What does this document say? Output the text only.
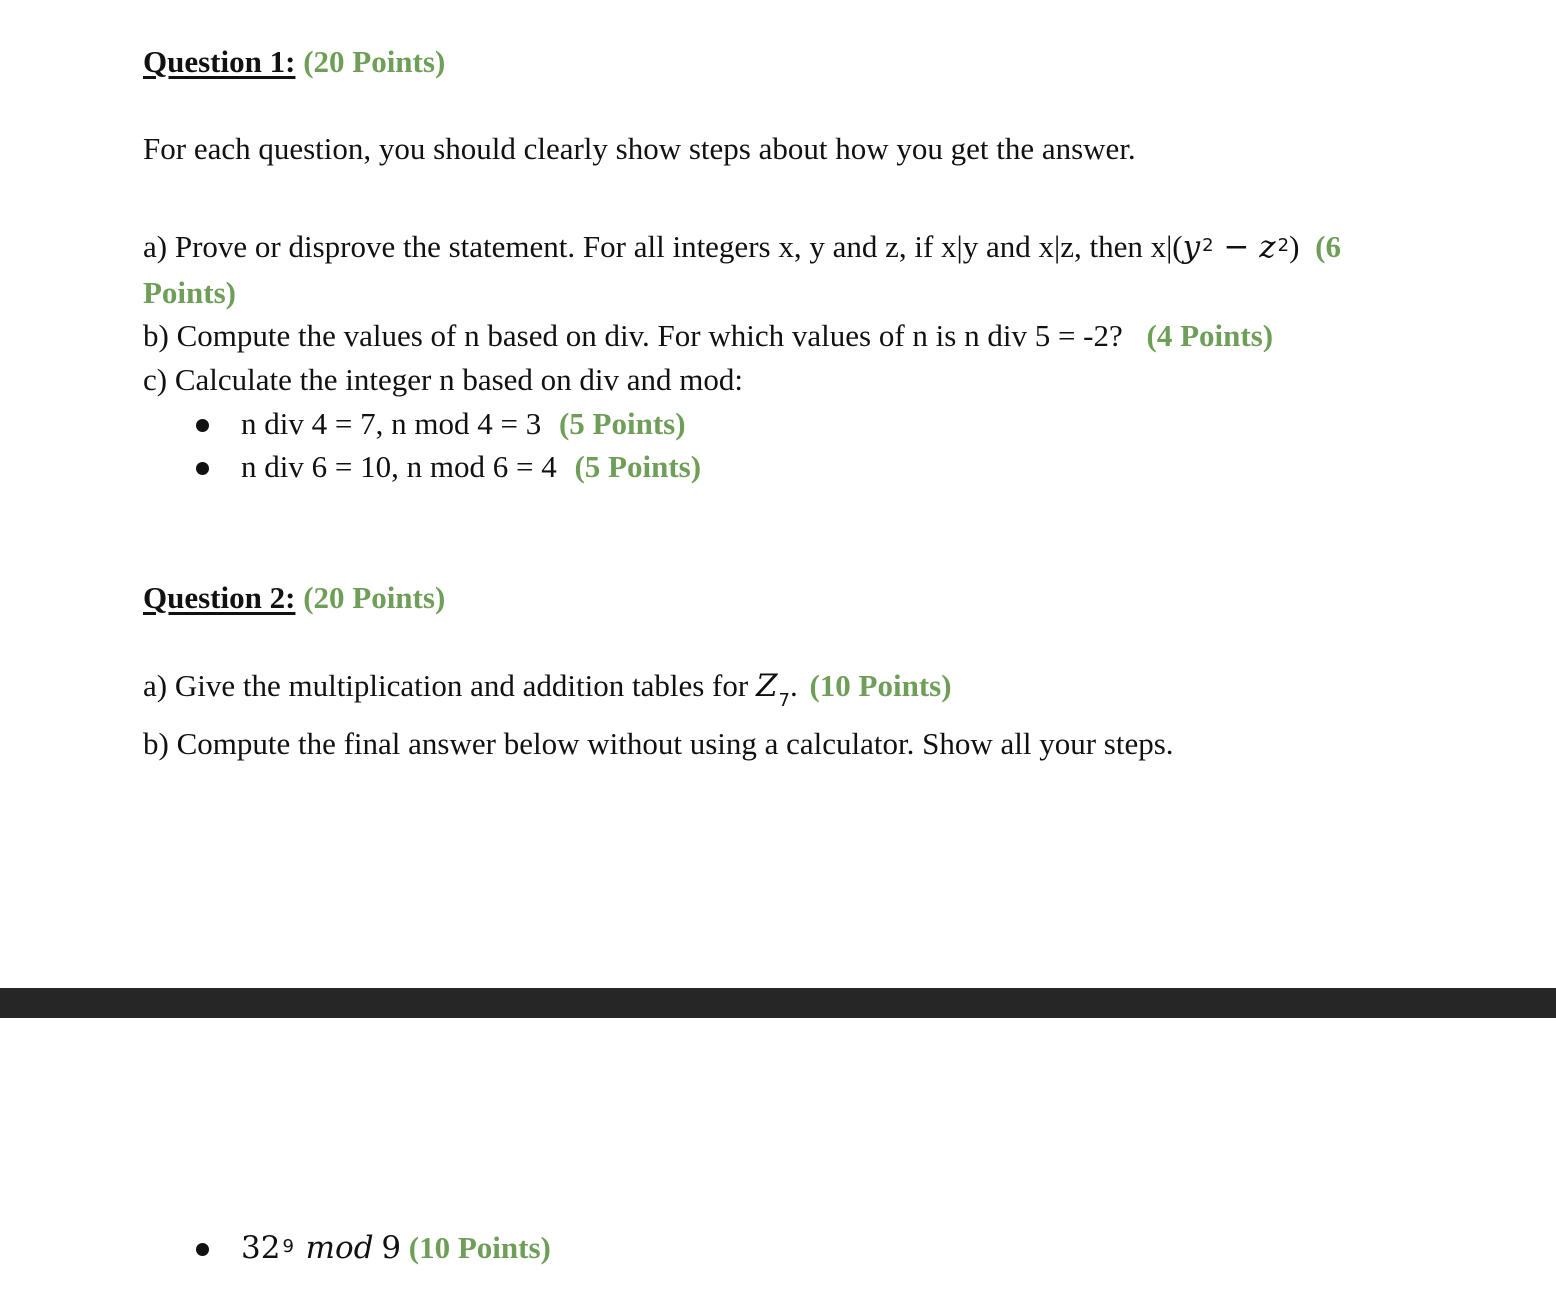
Question 1: (20 Points)
For each question, you should clearly show steps about how you get the answer.
a) Prove or disprove the statement. For all integers x, y and z, if x|y and x|z, then x|(y $^2$ − z $^2$) (6
Points)
b) Compute the values of n based on div. For which values of n is n div 5 = -2? (4 Points)
c) Calculate the integer n based on div and mod:
n div 4 = 7, n mod 4 = 3 (5 Points)
n div 6 = 10, n mod 6 = 4 (5 Points)
Question 2: (20 Points)
a) Give the multiplication and addition tables for $Z_7$. (10 Points)
b) Compute the final answer below without using a calculator. Show all your steps.
32 $^9$ mod 9 (10 Points)
